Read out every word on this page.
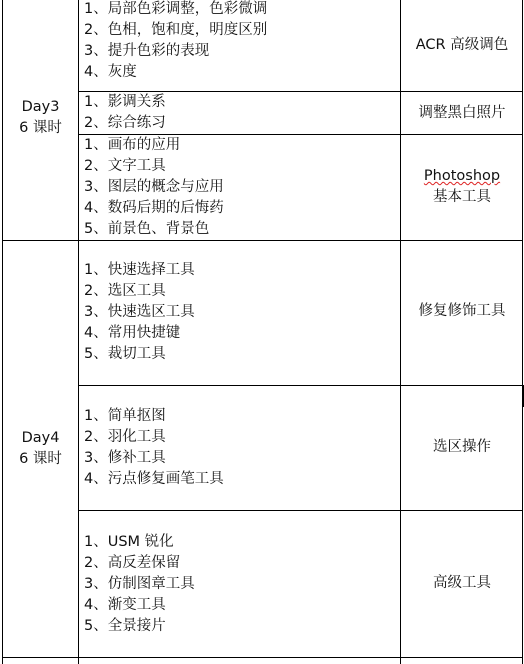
Day3
6 课时
Day4
6 课时
1、局部色彩调整，色彩微调
2、色相，饱和度，明度区别
3、提升色彩的表现
4、灰度
ACR 高级调色
1、影调关系
2、综合练习
调整黑白照片
1、画布的应用
2、文字工具
3、图层的概念与应用
4、数码后期的后悔药
5、前景色、背景色
Photoshop
基本工具
1、快速选择工具
2、选区工具
3、快速选区工具
4、常用快捷键
5、裁切工具
修复修饰工具
1、简单抠图
2、羽化工具
3、修补工具
4、污点修复画笔工具
选区操作
1、USM 锐化
2、高反差保留
3、仿制图章工具
4、渐变工具
5、全景接片
高级工具
